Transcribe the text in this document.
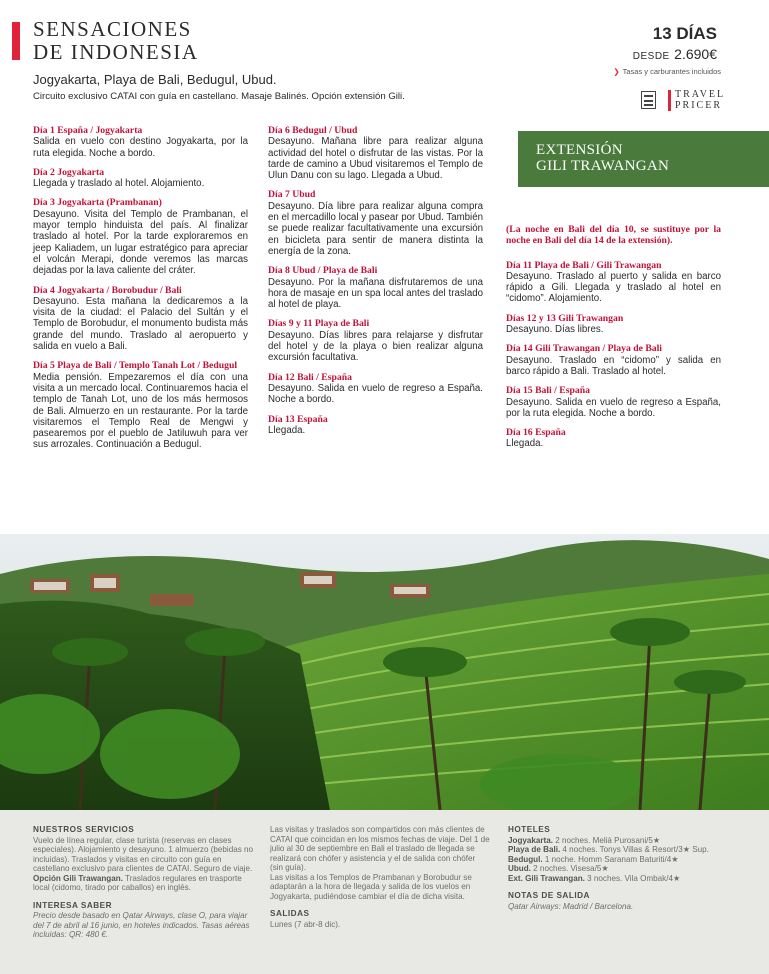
SENSACIONES
DE INDONESIA
Jogyakarta, Playa de Bali, Bedugul, Ubud.
Circuito exclusivo CATAI con guía en castellano. Masaje Balinés. Opción extensión Gili.
13 DÍAS
DESDE 2.690€
❯ Tasas y carburantes incluidos
TRAVEL
PRICER
Día 1 España / Jogyakarta
Salida en vuelo con destino Jogyakarta, por la ruta elegida. Noche a bordo.
Día 2 Jogyakarta
Llegada y traslado al hotel. Alojamiento.
Día 3 Jogyakarta (Prambanan)
Desayuno. Visita del Templo de Prambanan, el mayor templo hinduista del país. Al finalizar traslado al hotel. Por la tarde exploraremos en jeep Kaliadem, un lugar estratégico para apreciar el volcán Merapi, donde veremos las marcas dejadas por la lava caliente del cráter.
Día 4 Jogyakarta / Borobudur / Bali
Desayuno. Esta mañana la dedicaremos a la visita de la ciudad: el Palacio del Sultán y el Templo de Borobudur, el monumento budista más grande del mundo. Traslado al aeropuerto y salida en vuelo a Bali.
Día 5 Playa de Bali / Templo Tanah Lot / Bedugul
Media pensión. Empezaremos el día con una visita a un mercado local. Continuaremos hacia el templo de Tanah Lot, uno de los más hermosos de Bali. Almuerzo en un restaurante. Por la tarde visitaremos el Templo Real de Mengwi y pasearemos por el pueblo de Jatiluwuh para ver sus arrozales. Continuación a Bedugul.
Día 6 Bedugul / Ubud
Desayuno. Mañana libre para realizar alguna actividad del hotel o disfrutar de las vistas. Por la tarde de camino a Ubud visitaremos el Templo de Ulun Danu con su lago. Llegada a Ubud.
Día 7 Ubud
Desayuno. Día libre para realizar alguna compra en el mercadillo local y pasear por Ubud. También se puede realizar facultativamente una excursión en bicicleta para sentir de manera distinta la energía de la zona.
Día 8 Ubud / Playa de Bali
Desayuno. Por la mañana disfrutaremos de una hora de masaje en un spa local antes del traslado al hotel de playa.
Días 9 y 11 Playa de Bali
Desayuno. Días libres para relajarse y disfrutar del hotel y de la playa o bien realizar alguna excursión facultativa.
Día 12 Bali / España
Desayuno. Salida en vuelo de regreso a España. Noche a bordo.
Día 13 España
Llegada.
EXTENSIÓN
GILI TRAWANGAN
(La noche en Bali del día 10, se sustituye por la noche en Bali del día 14 de la extensión).
Día 11 Playa de Bali / Gili Trawangan
Desayuno. Traslado al puerto y salida en barco rápido a Gili. Llegada y traslado al hotel en “cidomo”. Alojamiento.
Días 12 y 13 Gili Trawangan
Desayuno. Días libres.
Día 14 Gili Trawangan / Playa de Bali
Desayuno. Traslado en “cidomo” y salida en barco rápido a Bali. Traslado al hotel.
Día 15 Bali / España
Desayuno. Salida en vuelo de regreso a España, por la ruta elegida. Noche a bordo.
Día 16 España
Llegada.
NUESTROS SERVICIOS
Vuelo de línea regular, clase turista (reservas en clases especiales). Alojamiento y desayuno. 1 almuerzo (bebidas no incluidas). Traslados y visitas en circuito con guía en castellano exclusivo para clientes de CATAI. Seguro de viaje.
Opción Gili Trawangan. Traslados regulares en trasporte local (cidomo, tirado por caballos) en inglés.
INTERESA SABER
Precio desde basado en Qatar Airways, clase O, para viajar del 7 de abril al 16 junio, en hoteles indicados. Tasas aéreas incluidas: QR: 480 €.
Las visitas y traslados son compartidos con más clientes de CATAI que coincidan en los mismos fechas de viaje. Del 1 de julio al 30 de septiembre en Bali el traslado de llegada se realizará con chófer y asistencia y el de salida con chófer (sin guía).
Las visitas a los Templos de Prambanan y Borobudur se adaptarán a la hora de llegada y salida de los vuelos en Jogyakarta, pudiéndose cambiar el día de dicha visita.
SALIDAS
Lunes (7 abr-8 dic).
HOTELES
Jogyakarta. 2 noches. Meliá Purosani/5★
Playa de Bali. 4 noches. Tonys Villas & Resort/3★ Sup.
Bedugul. 1 noche. Homm Saranam Baturiti/4★
Ubud. 2 noches. Visesa/5★
Ext. Gili Trawangan. 3 noches. Vila Ombak/4★
NOTAS DE SALIDA
Qatar Airways: Madrid / Barcelona.
